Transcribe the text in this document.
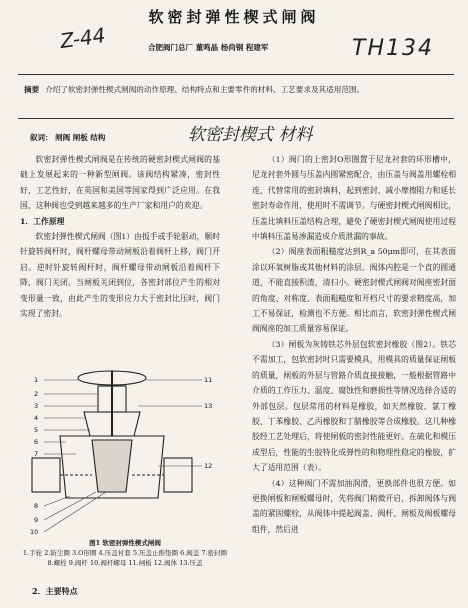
软密封弹性楔式闸阀
Z-44	TH134
合肥阀门总厂 董鸣晶 杨尚钢 程建军
摘要 介绍了软密封弹性楔式闸阀的动作原理、结构特点和主要零件的材料、工艺要求及其适用范围。
叙词： 闸阀 闸板 结构	软密封楔式 材料

软密封弹性楔式闸阀是在传统的硬密封楔式闸阀的基础上发展起来的一种新型闸阀。该阀结构紧凑，密封性好，工艺性好，在英国和美国等国家得到广泛应用。在我国，这种阀也受到越来越多的生产厂家和用户的欢迎。

1．工作原理

软密封弹性楔式闸阀（图1）由扳手或手轮驱动，顺时针旋转阀杆时，阀杆螺母带动闸板沿着阀杆上移，阀门开启。逆时针旋转阀杆时，阀杆螺母带动闸板沿着阀杆下降，阀门关闭。当闸板关闭到位，各密封部位产生的相对变形量一致，由此产生的变形应力大于密封比压时，阀门实现了密封。

1
2
3
4
5
6
7
8
9
10
11
12
13
图1 软密封弹性楔式闸阀
1.手轮 2.防尘圈 3.O形圈 4.压盖衬套 5.压盖止推垫圈 6.阀盖 7.密封圈 8.螺栓 9.阀杆 10.阀杆螺母 11.闸板 12.阀体 13.压盖
2．主要特点

（1）阀门的上密封O形圈置于尼龙衬套的环形槽中，尼龙衬套外圆与压盖内圆紧密配合，由压盖与阀盖用螺栓相连，代替常用的密封填料，起到密封、减小摩擦阻力和延长密封寿命作用，使用时不需调节。与硬密封楔式闸阀相比，压盖比填料压盖结构合理，避免了硬密封楔式闸阀使用过程中填料压盖易渗漏造成介质泄漏的事故。

（2）阀座表面粗糙度达到R_a 50μm即可，在其表面涂以环氧树脂或其他材料的涂层。阀体内腔是一个直的圆通道，不能直接积渣，清扫小。硬密封楔式闸阀对阀座密封面的角度、对称度、表面粗糙度和开档尺寸的要求精度高，加工不易保证，检测也不方便。相比而言，软密封弹性楔式闸阀阀座的加工质量容易保证。

（3）闸板为灰铸铁芯外层包软密封橡胶（图2）。铁芯不需加工，包软密封时只需要模具，用模具的质量保证闸板的质量，闸板的外层与管路介质直接接触，一般根据管路中介质的工作压力、温度、腐蚀性和磨损性等情况选择合适的外部包层。包层常用的材料是橡胶，如天然橡胶、氯丁橡胶、丁苯橡胶、乙丙橡胶和丁腈橡胶等合成橡胶。这几种橡胶经工艺处理后，将使闸板的密封性能更好。在硫化和模压成型后，性能的生胶特化成弹性的和物理性稳定的橡胶，扩大了适用范围（表）。

（4）这种阀门不需加油润滑，更换部件也很方便。如更换闸板和闸板螺母时，先将阀门稍微开启，拆卸阀体与阀盖的紧固螺栓，从阀体中提起阀盖、阀杆、闸板及阀板螺母组件，然后进
